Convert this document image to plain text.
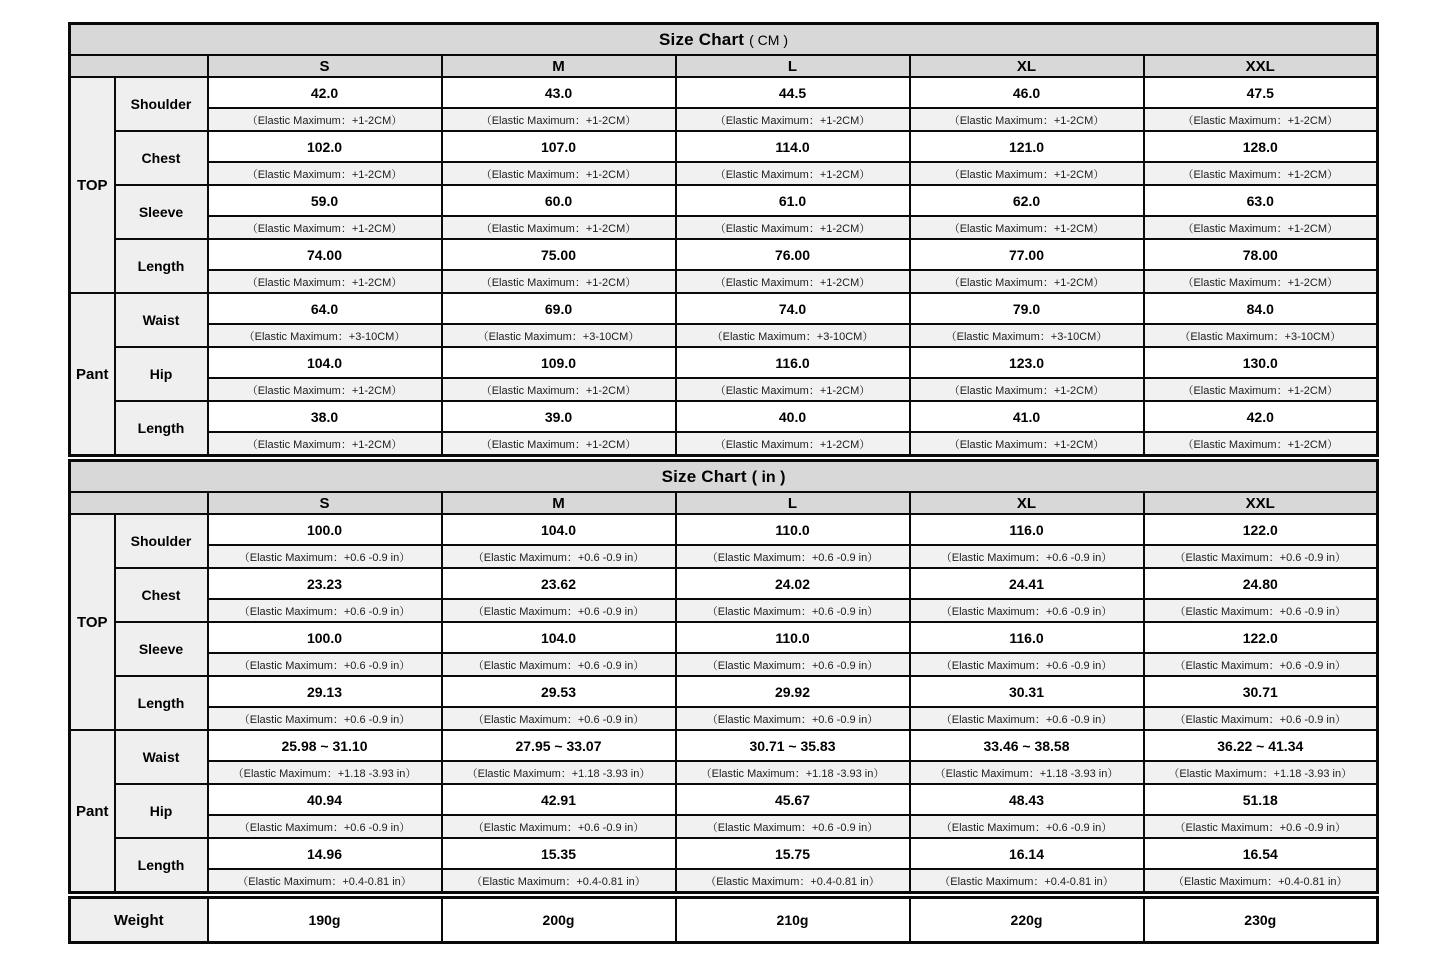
Size Chart ( CM )						
		S	M	L	XL	XXL
TOP	Shoulder	42.0	43.0	44.5	46.0	47.5
		（Elastic Maximum：+1-2CM）	（Elastic Maximum：+1-2CM）	（Elastic Maximum：+1-2CM）	（Elastic Maximum：+1-2CM）	（Elastic Maximum：+1-2CM）
	Chest	102.0	107.0	114.0	121.0	128.0
		（Elastic Maximum：+1-2CM）	（Elastic Maximum：+1-2CM）	（Elastic Maximum：+1-2CM）	（Elastic Maximum：+1-2CM）	（Elastic Maximum：+1-2CM）
	Sleeve	59.0	60.0	61.0	62.0	63.0
		（Elastic Maximum：+1-2CM）	（Elastic Maximum：+1-2CM）	（Elastic Maximum：+1-2CM）	（Elastic Maximum：+1-2CM）	（Elastic Maximum：+1-2CM）
	Length	74.00	75.00	76.00	77.00	78.00
		（Elastic Maximum：+1-2CM）	（Elastic Maximum：+1-2CM）	（Elastic Maximum：+1-2CM）	（Elastic Maximum：+1-2CM）	（Elastic Maximum：+1-2CM）
Pant	Waist	64.0	69.0	74.0	79.0	84.0
		（Elastic Maximum：+3-10CM）	（Elastic Maximum：+3-10CM）	（Elastic Maximum：+3-10CM）	（Elastic Maximum：+3-10CM）	（Elastic Maximum：+3-10CM）
	Hip	104.0	109.0	116.0	123.0	130.0
		（Elastic Maximum：+1-2CM）	（Elastic Maximum：+1-2CM）	（Elastic Maximum：+1-2CM）	（Elastic Maximum：+1-2CM）	（Elastic Maximum：+1-2CM）
	Length	38.0	39.0	40.0	41.0	42.0
		（Elastic Maximum：+1-2CM）	（Elastic Maximum：+1-2CM）	（Elastic Maximum：+1-2CM）	（Elastic Maximum：+1-2CM）	（Elastic Maximum：+1-2CM）
Size Chart ( in )						
		S	M	L	XL	XXL
TOP	Shoulder	100.0	104.0	110.0	116.0	122.0
		（Elastic Maximum：+0.6 -0.9 in）	（Elastic Maximum：+0.6 -0.9 in）	（Elastic Maximum：+0.6 -0.9 in）	（Elastic Maximum：+0.6 -0.9 in）	（Elastic Maximum：+0.6 -0.9 in）
	Chest	23.23	23.62	24.02	24.41	24.80
		（Elastic Maximum：+0.6 -0.9 in）	（Elastic Maximum：+0.6 -0.9 in）	（Elastic Maximum：+0.6 -0.9 in）	（Elastic Maximum：+0.6 -0.9 in）	（Elastic Maximum：+0.6 -0.9 in）
	Sleeve	100.0	104.0	110.0	116.0	122.0
		（Elastic Maximum：+0.6 -0.9 in）	（Elastic Maximum：+0.6 -0.9 in）	（Elastic Maximum：+0.6 -0.9 in）	（Elastic Maximum：+0.6 -0.9 in）	（Elastic Maximum：+0.6 -0.9 in）
	Length	29.13	29.53	29.92	30.31	30.71
		（Elastic Maximum：+0.6 -0.9 in）	（Elastic Maximum：+0.6 -0.9 in）	（Elastic Maximum：+0.6 -0.9 in）	（Elastic Maximum：+0.6 -0.9 in）	（Elastic Maximum：+0.6 -0.9 in）
Pant	Waist	25.98 ~ 31.10	27.95 ~ 33.07	30.71 ~ 35.83	33.46 ~ 38.58	36.22 ~ 41.34
		（Elastic Maximum：+1.18 -3.93 in）	（Elastic Maximum：+1.18 -3.93 in）	（Elastic Maximum：+1.18 -3.93 in）	（Elastic Maximum：+1.18 -3.93 in）	（Elastic Maximum：+1.18 -3.93 in）
	Hip	40.94	42.91	45.67	48.43	51.18
		（Elastic Maximum：+0.6 -0.9 in）	（Elastic Maximum：+0.6 -0.9 in）	（Elastic Maximum：+0.6 -0.9 in）	（Elastic Maximum：+0.6 -0.9 in）	（Elastic Maximum：+0.6 -0.9 in）
	Length	14.96	15.35	15.75	16.14	16.54
		（Elastic Maximum：+0.4-0.81 in）	（Elastic Maximum：+0.4-0.81 in）	（Elastic Maximum：+0.4-0.81 in）	（Elastic Maximum：+0.4-0.81 in）	（Elastic Maximum：+0.4-0.81 in）
Weight	190g	200g	210g	220g	230g
